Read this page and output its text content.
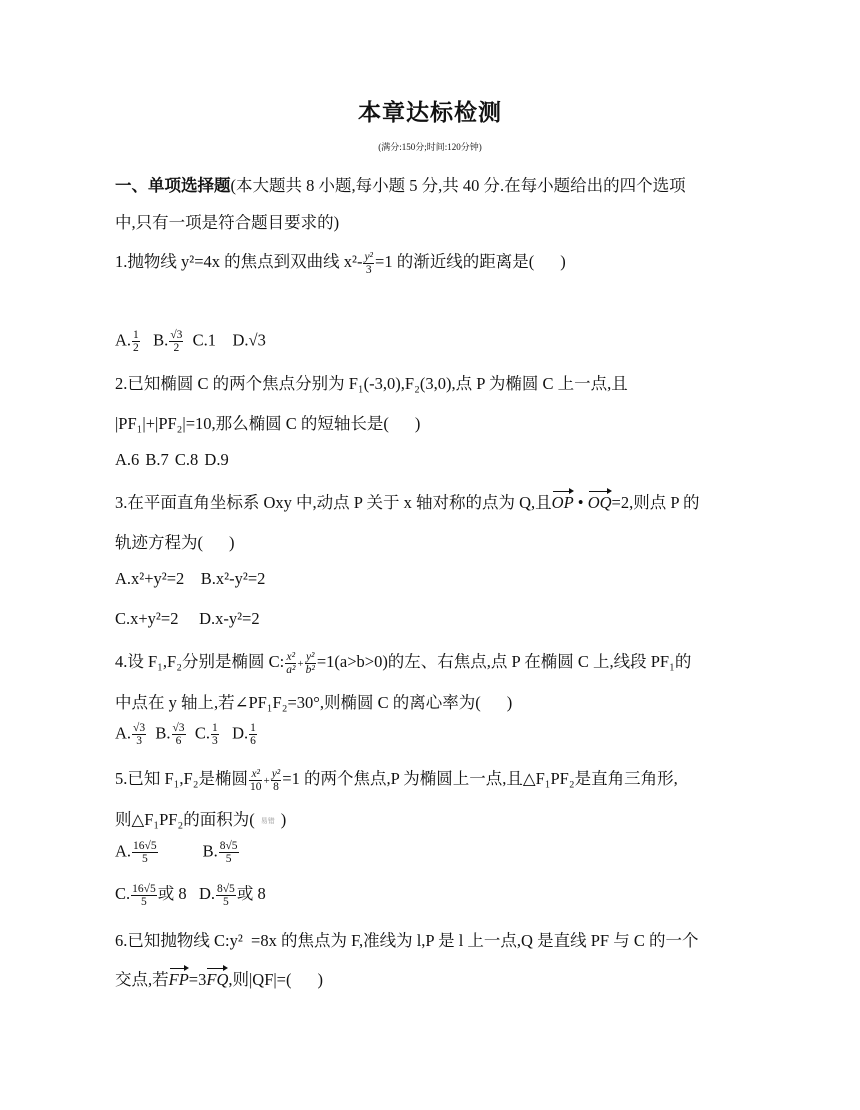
本章达标检测
(满分:150分;时间:120分钟)
一、单项选择题(本大题共 8 小题,每小题 5 分,共 40 分.在每小题给出的四个选项
中,只有一项是符合题目要求的)
1.抛物线 y²=4x 的焦点到双曲线 $x^2- \frac{\text{y²}}{3} =1$ 的渐近线的距离是( )
A. $\frac{1}{2} B$. $\frac{√3}{2} C.1$ D.√3
2.已知椭圆 C 的两个焦点分别为 F₁(-3,0),F₂(3,0),点 P 为椭圆 C 上一点,且
|PF₁|+|PF₂|=10,那么椭圆 C 的短轴长是( )
A.6 B.7 C.8 D.9
3.在平面直角坐标系 Oxy 中,动点 P 关于 x 轴对称的点为 Q,且OP • OQ=2,则点 P 的
轨迹方程为( )
A.x²+y²=2    B.x²-y²=2
C.x+y²=2     D.x-y²=2
4.设 F₁,F₂分别是椭圆 C: $\frac{\text{x²}}{\text{a²}} + \frac{\text{y²}}{\text{b²}} =1(a>b>0)$的左、右焦点,点 P 在椭圆 C 上,线段 PF₁的
中点在 y 轴上,若∠PF₁F₂=30°,则椭圆 C 的离心率为( )
A. $\frac{√3}{3} B$. $\frac{√3}{6} C$. $\frac{1}{3} D$. $\frac{1}{6}$
5.已知 F₁,F₂是椭圆 $\frac{\text{x²}}{10} + \frac{\text{y²}}{8} =1$ 的两个焦点,P 为椭圆上一点,且△F₁PF₂是直角三角形,
则△F₁PF₂的面积为( 易错 )
A. $\frac{16√5}{5}$	B. $\frac{8√5}{5}$
C. $\frac{16√5}{5}$ 或 8 D. $\frac{8√5}{5}$ 或 8
6.已知抛物线 C:y²  =8x 的焦点为 F,准线为 l,P 是 l 上一点,Q 是直线 PF 与 C 的一个
交点,若FP=3FQ,则|QF|=( )
